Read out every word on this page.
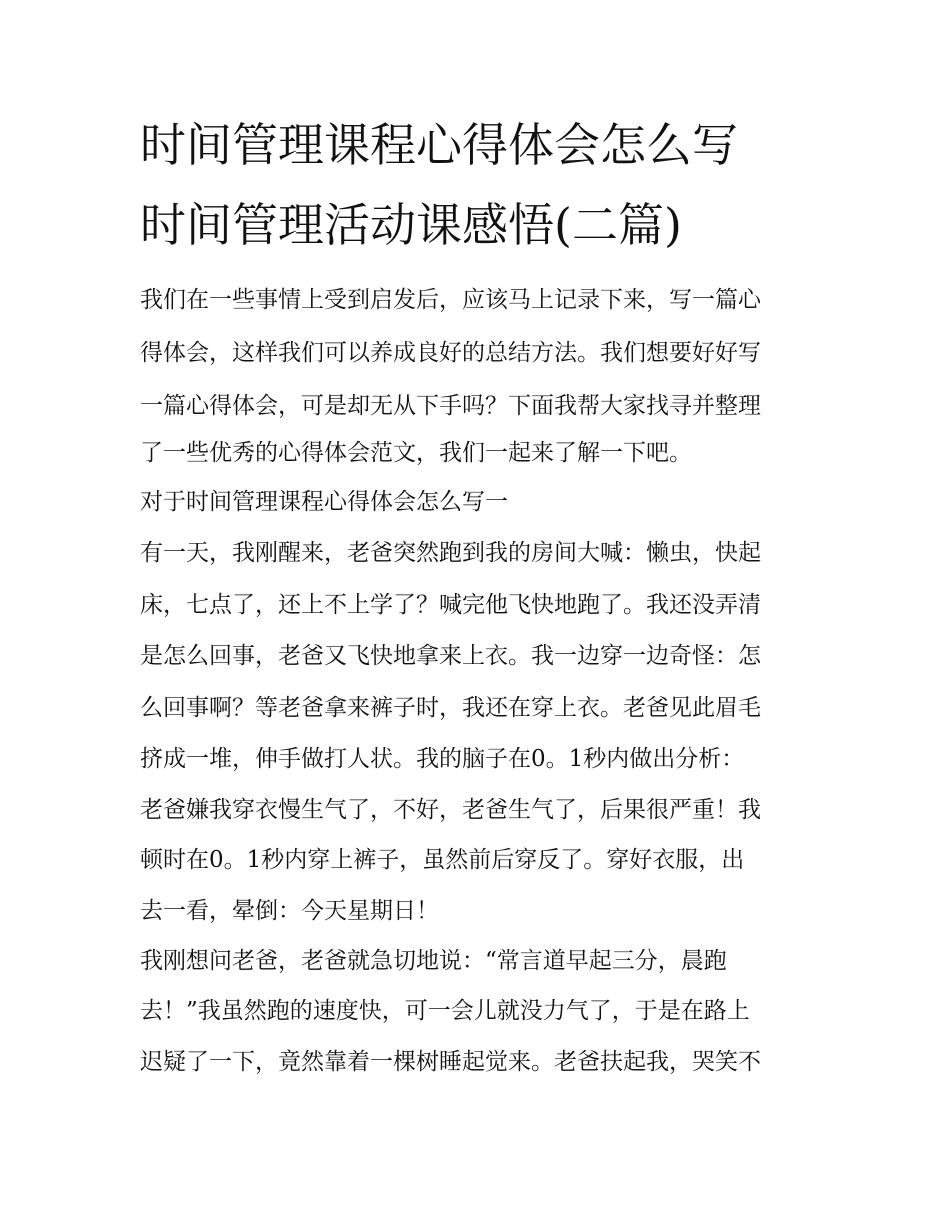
时间管理课程心得体会怎么写
时间管理活动课感悟(二篇)
我们在一些事情上受到启发后，应该马上记录下来，写一篇心
得体会，这样我们可以养成良好的总结方法。我们想要好好写
一篇心得体会，可是却无从下手吗？下面我帮大家找寻并整理
了一些优秀的心得体会范文，我们一起来了解一下吧。
对于时间管理课程心得体会怎么写一
有一天，我刚醒来，老爸突然跑到我的房间大喊：懒虫，快起
床，七点了，还上不上学了？喊完他飞快地跑了。我还没弄清
是怎么回事，老爸又飞快地拿来上衣。我一边穿一边奇怪：怎
么回事啊？等老爸拿来裤子时，我还在穿上衣。老爸见此眉毛
挤成一堆，伸手做打人状。我的脑子在0。1秒内做出分析：
老爸嫌我穿衣慢生气了，不好，老爸生气了，后果很严重！我
顿时在0。1秒内穿上裤子，虽然前后穿反了。穿好衣服，出
去一看，晕倒：今天星期日！
我刚想问老爸，老爸就急切地说：“常言道早起三分，晨跑
去！”我虽然跑的速度快，可一会儿就没力气了，于是在路上
迟疑了一下，竟然靠着一棵树睡起觉来。老爸扶起我，哭笑不
